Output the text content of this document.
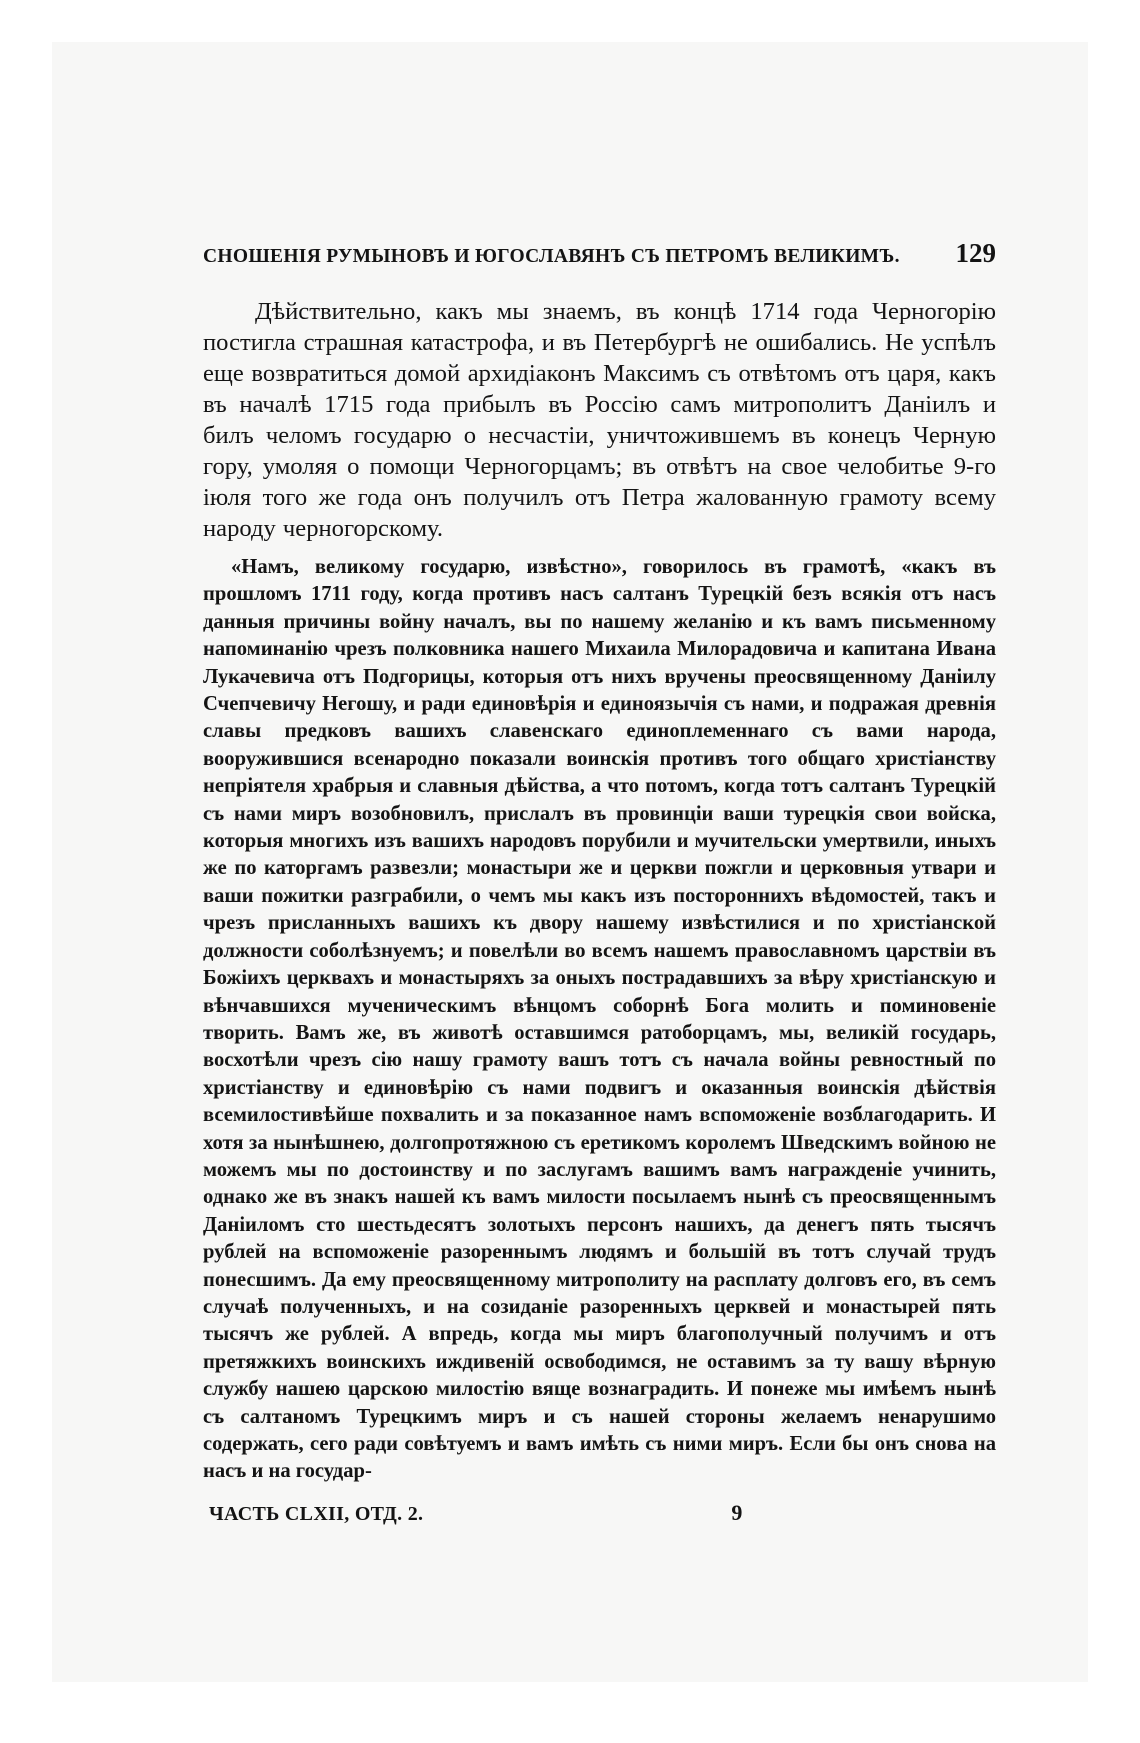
СНОШЕНІЯ РУМЫНОВЪ И ЮГОСЛАВЯНЪ СЪ ПЕТРОМЪ ВЕЛИКИМЪ. 129

Дѣйствительно, какъ мы знаемъ, въ концѣ 1714 года Черногорію постигла страшная катастрофа, и въ Петербургѣ не ошибались. Не успѣлъ еще возвратиться домой архидіаконъ Максимъ съ отвѣтомъ отъ царя, какъ въ началѣ 1715 года прибылъ въ Россію самъ митрополитъ Даніилъ и билъ челомъ государю о несчастіи, уничтожившемъ въ конецъ Черную гору, умоляя о помощи Черногорцамъ; въ отвѣтъ на свое челобитье 9-го іюля того же года онъ получилъ отъ Петра жалованную грамоту всему народу черногорскому.

«Намъ, великому государю, извѣстно», говорилось въ грамотѣ, «какъ въ прошломъ 1711 году, когда противъ насъ салтанъ Турецкій безъ всякія отъ насъ данныя причины войну началъ, вы по нашему желанію и къ вамъ письменному напоминанію чрезъ полковника нашего Михаила Милорадовича и капитана Ивана Лукачевича отъ Подгорицы, которыя отъ нихъ вручены преосвященному Даніилу Счепчевичу Негошу, и ради единовѣрія и единоязычія съ нами, и подражая древнія славы предковъ вашихъ славенскаго единоплеменнаго съ вами народа, вооружившися всенародно показали воинскія противъ того общаго христіанству непріятеля храбрыя и славныя дѣйства, а что потомъ, когда тотъ салтанъ Турецкій съ нами миръ возобновилъ, прислалъ въ провинціи ваши турецкія свои войска, которыя многихъ изъ вашихъ народовъ порубили и мучительски умертвили, иныхъ же по каторгамъ развезли; монастыри же и церкви пожгли и церковныя утвари и ваши пожитки разграбили, о чемъ мы какъ изъ постороннихъ вѣдомостей, такъ и чрезъ присланныхъ вашихъ къ двору нашему извѣстилися и по христіанской должности соболѣзнуемъ; и повелѣли во всемъ нашемъ православномъ царствіи въ Божіихъ церквахъ и монастыряхъ за оныхъ пострадавшихъ за вѣру христіанскую и вѣнчавшихся мученическимъ вѣнцомъ соборнѣ Бога молить и поминовеніе творить. Вамъ же, въ животѣ оставшимся ратоборцамъ, мы, великій государь, восхотѣли чрезъ сію нашу грамоту вашъ тотъ съ начала войны ревностный по христіанству и единовѣрію съ нами подвигъ и оказанныя воинскія дѣйствія всемилостивѣйше похвалить и за показанное намъ вспоможеніе возблагодарить. И хотя за нынѣшнею, долгопротяжною съ еретикомъ королемъ Шведскимъ войною не можемъ мы по достоинству и по заслугамъ вашимъ вамъ награжденіе учинить, однако же въ знакъ нашей къ вамъ милости посылаемъ нынѣ съ преосвященнымъ Даніиломъ сто шестьдесятъ золотыхъ персонъ нашихъ, да денегъ пять тысячъ рублей на вспоможеніе разореннымъ людямъ и большій въ тотъ случай трудъ понесшимъ. Да ему преосвященному митрополиту на расплату долговъ его, въ семъ случаѣ полученныхъ, и на созиданіе разоренныхъ церквей и монастырей пять тысячъ же рублей. А впредь, когда мы миръ благополучный получимъ и отъ претяжкихъ воинскихъ иждивеній освободимся, не оставимъ за ту вашу вѣрную службу нашею царскою милостію вяще вознаградить. И понеже мы имѣемъ нынѣ съ салтаномъ Турецкимъ миръ и съ нашей стороны желаемъ ненарушимо содержать, сего ради совѣтуемъ и вамъ имѣть съ ними миръ. Если бы онъ снова на насъ и на государ-

ЧАСТЬ CLXII, ОТД. 2.	9
